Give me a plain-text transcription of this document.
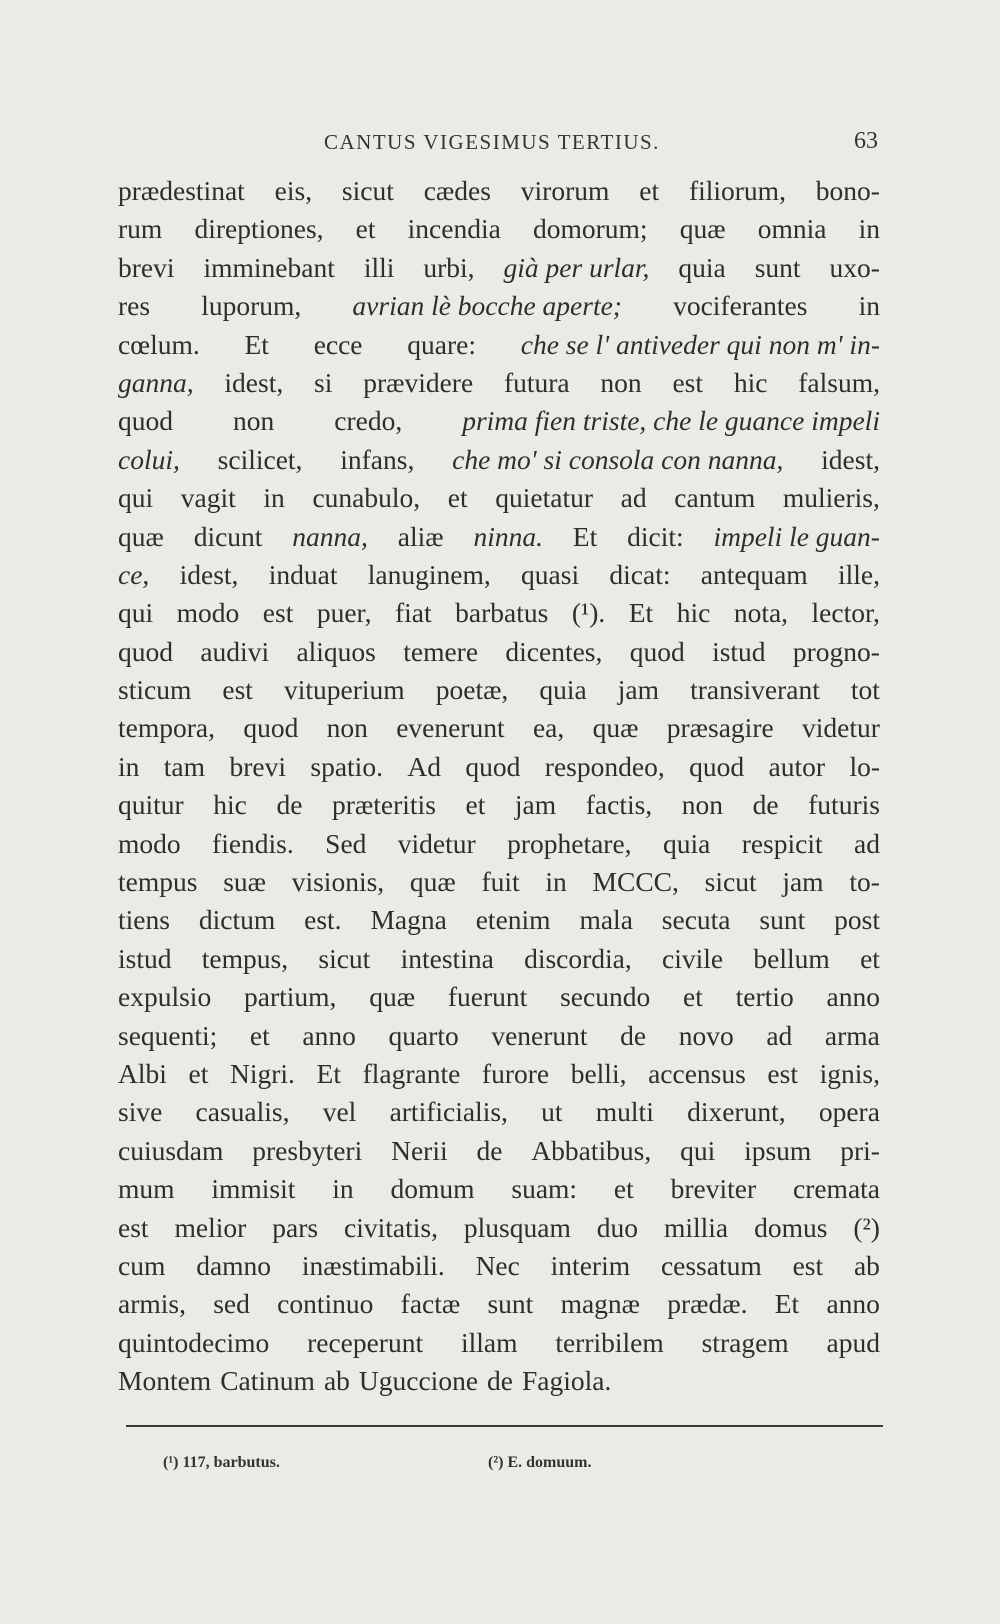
CANTUS VIGESIMUS TERTIUS.	63
prædestinat eis, sicut cædes virorum et filiorum, bono-
rum direptiones, et incendia domorum; quæ omnia in
brevi imminebant illi urbi, già per urlar, quia sunt uxo-
res luporum, avrian lè bocche aperte; vociferantes in
cœlum. Et ecce quare: che se l' antiveder qui non m' in-
ganna, idest, si prævidere futura non est hic falsum,
quod non credo, prima fien triste, che le guance impeli
colui, scilicet, infans, che mo' si consola con nanna, idest,
qui vagit in cunabulo, et quietatur ad cantum mulieris,
quæ dicunt nanna, aliæ ninna. Et dicit: impeli le guan-
ce, idest, induat lanuginem, quasi dicat: antequam ille,
qui modo est puer, fiat barbatus (¹). Et hic nota, lector,
quod audivi aliquos temere dicentes, quod istud progno-
sticum est vituperium poetæ, quia jam transiverant tot
tempora, quod non evenerunt ea, quæ præsagire videtur
in tam brevi spatio. Ad quod respondeo, quod autor lo-
quitur hic de præteritis et jam factis, non de futuris
modo fiendis. Sed videtur prophetare, quia respicit ad
tempus suæ visionis, quæ fuit in MCCC, sicut jam to-
tiens dictum est. Magna etenim mala secuta sunt post
istud tempus, sicut intestina discordia, civile bellum et
expulsio partium, quæ fuerunt secundo et tertio anno
sequenti; et anno quarto venerunt de novo ad arma
Albi et Nigri. Et flagrante furore belli, accensus est ignis,
sive casualis, vel artificialis, ut multi dixerunt, opera
cuiusdam presbyteri Nerii de Abbatibus, qui ipsum pri-
mum immisit in domum suam: et breviter cremata
est melior pars civitatis, plusquam duo millia domus (²)
cum damno inæstimabili. Nec interim cessatum est ab
armis, sed continuo factæ sunt magnæ prædæ. Et anno
quintodecimo receperunt illam terribilem stragem apud
Montem Catinum ab Uguccione de Fagiola.
(¹) 117, barbutus.	(²) E. domuum.
